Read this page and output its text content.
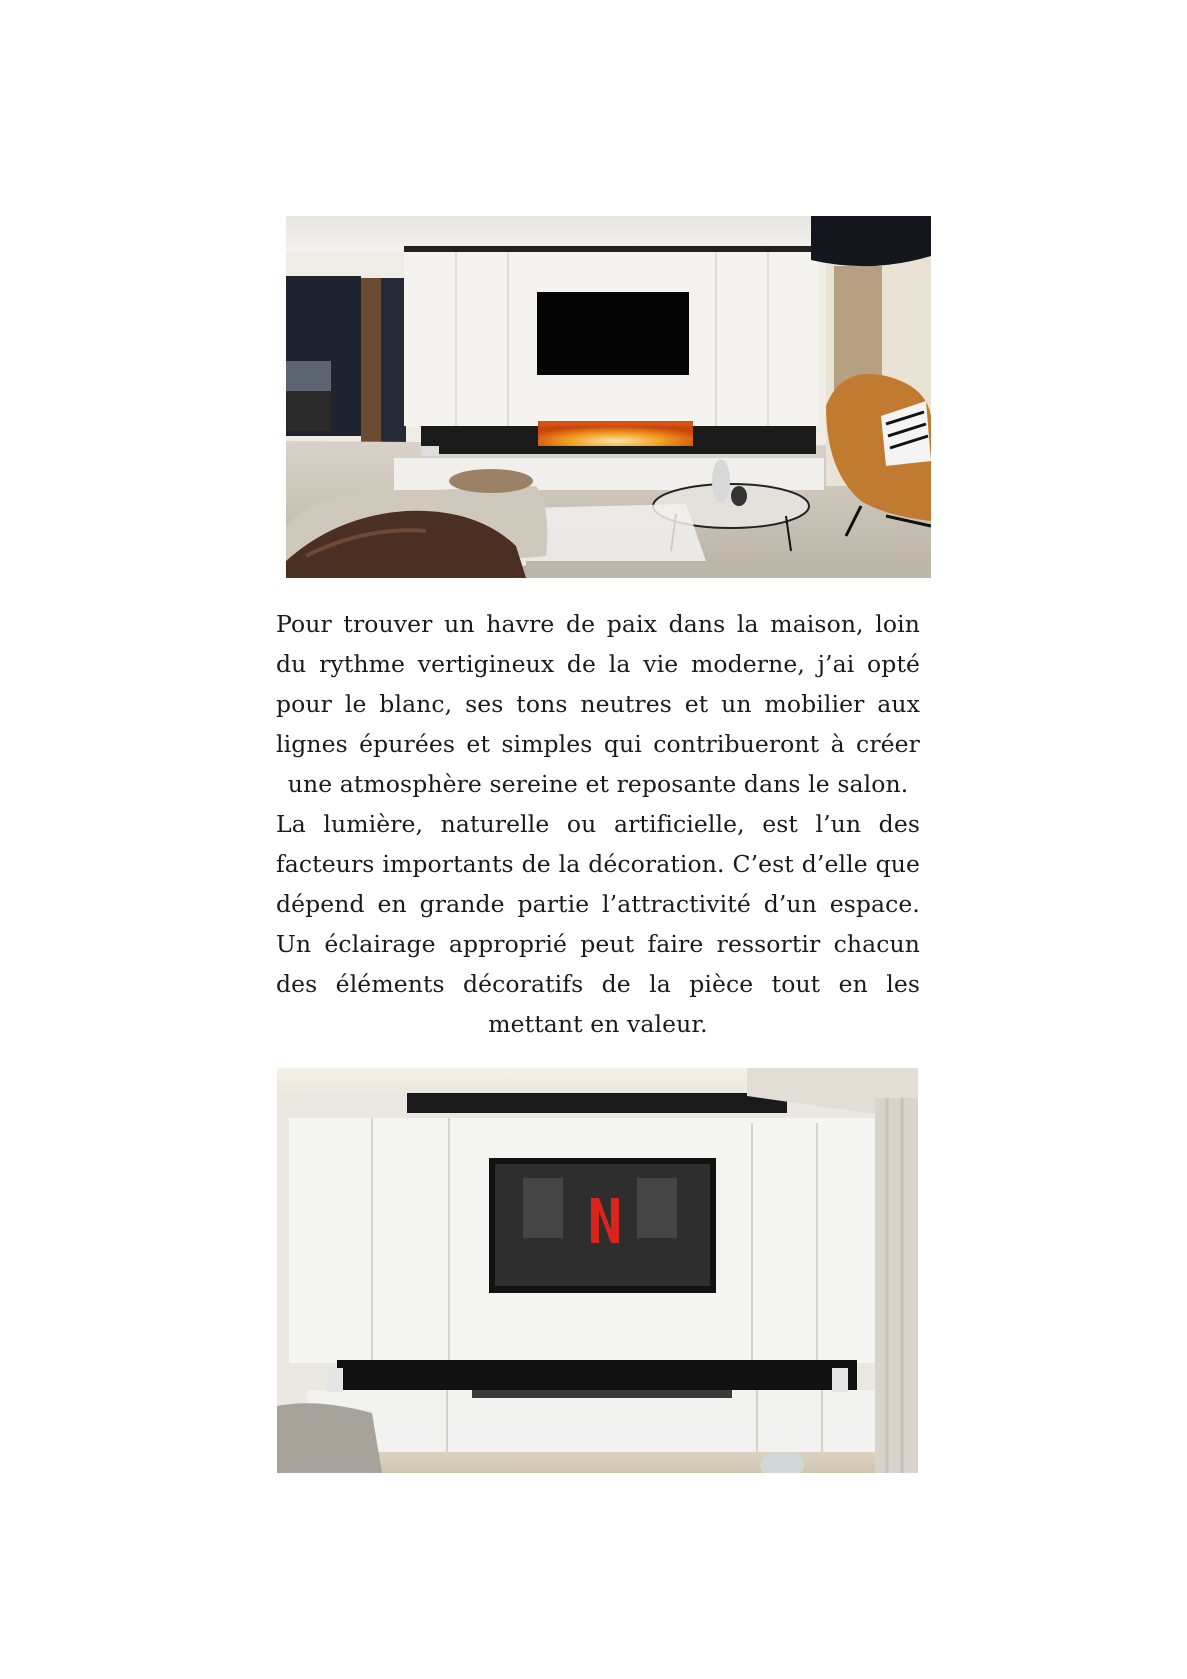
Pour trouver un havre de paix dans la maison, loin du rythme vertigineux de la vie moderne, j’ai opté pour le blanc, ses tons neutres et un mobilier aux lignes épurées et simples qui contribueront à créer une atmosphère sereine et reposante dans le salon.

La lumière, naturelle ou artificielle, est l’un des facteurs importants de la décoration. C’est d’elle que dépend en grande partie l’attractivité d’un espace. Un éclairage approprié peut faire ressortir chacun des éléments décoratifs de la pièce tout en les mettant en valeur.
